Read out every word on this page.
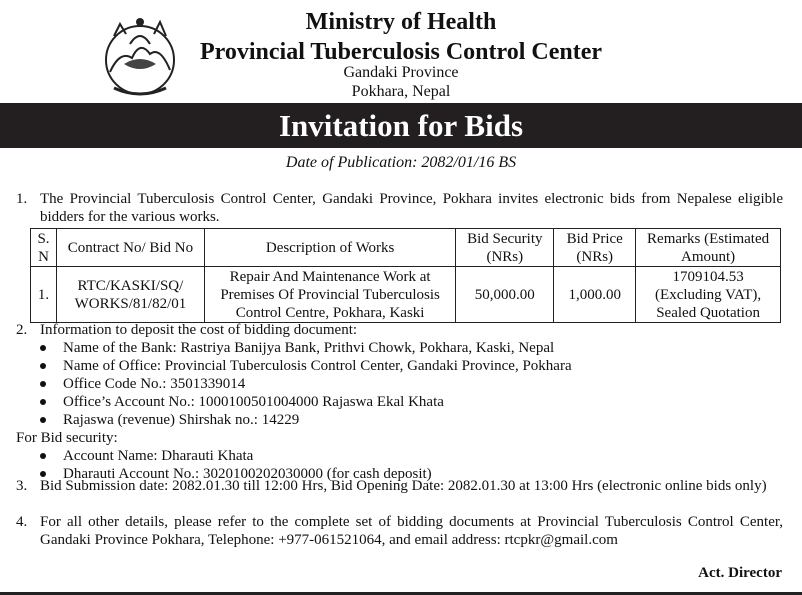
Ministry of Health
Provincial Tuberculosis Control Center
Gandaki Province
Pokhara, Nepal
Invitation for Bids
Date of Publication: 2082/01/16 BS
1. The Provincial Tuberculosis Control Center, Gandaki Province, Pokhara invites electronic bids from Nepalese eligible bidders for the various works.
S. N	Contract No/ Bid No	Description of Works	Bid Security (NRs)	Bid Price (NRs)	Remarks (Estimated Amount)
1.	RTC/KASKI/SQ/ WORKS/81/82/01	Repair And Maintenance Work at Premises Of Provincial Tuberculosis Control Centre, Pokhara, Kaski	50,000.00	1,000.00	1709104.53 (Excluding VAT), Sealed Quotation
2. Information to deposit the cost of bidding document:
Name of the Bank: Rastriya Banijya Bank, Prithvi Chowk, Pokhara, Kaski, Nepal
Name of Office: Provincial Tuberculosis Control Center, Gandaki Province, Pokhara
Office Code No.: 3501339014
Office’s Account No.: 1000100501004000 Rajaswa Ekal Khata
Rajaswa (revenue) Shirshak no.: 14229
For Bid security:
Account Name: Dharauti Khata
Dharauti Account No.: 3020100202030000 (for cash deposit)
3. Bid Submission date: 2082.01.30 till 12:00 Hrs, Bid Opening Date: 2082.01.30 at 13:00 Hrs (electronic online bids only)
4. For all other details, please refer to the complete set of bidding documents at Provincial Tuberculosis Control Center, Gandaki Province Pokhara, Telephone: +977-061521064, and email address: rtcpkr@gmail.com
Act. Director
